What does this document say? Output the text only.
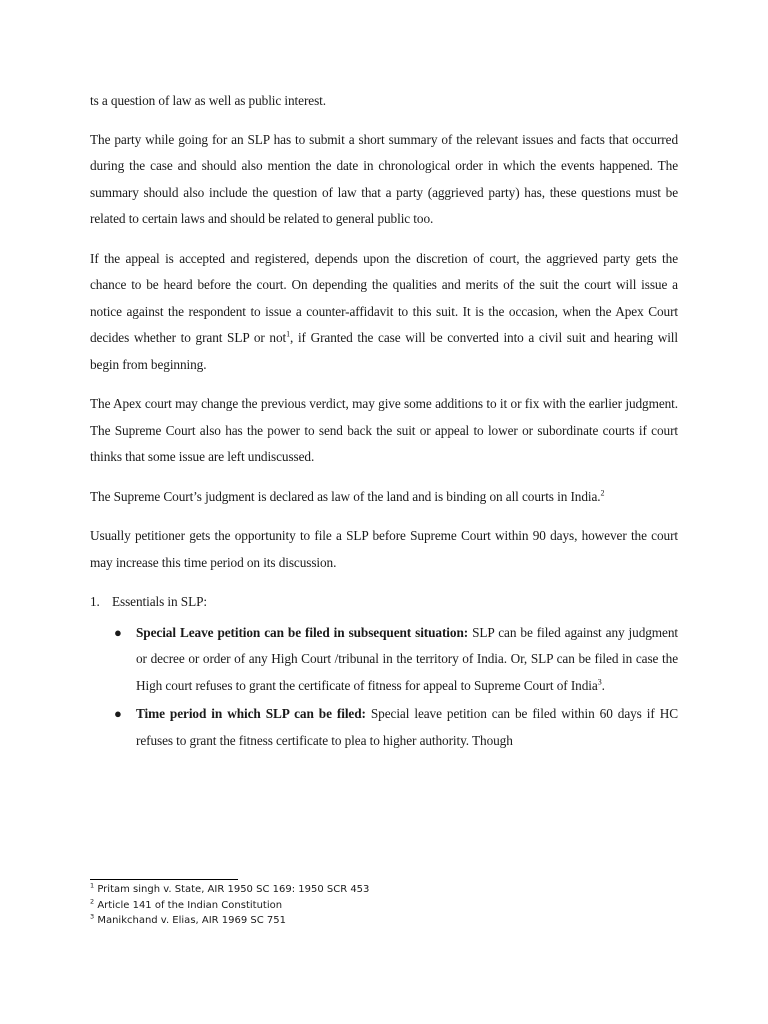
ts a question of law as well as public interest.

The party while going for an SLP has to submit a short summary of the relevant issues and facts that occurred during the case and should also mention the date in chronological order in which the events happened. The summary should also include the question of law that a party (aggrieved party) has, these questions must be related to certain laws and should be related to general public too.

If the appeal is accepted and registered, depends upon the discretion of court, the aggrieved party gets the chance to be heard before the court. On depending the qualities and merits of the suit the court will issue a notice against the respondent to issue a counter-affidavit to this suit. It is the occasion, when the Apex Court decides whether to grant SLP or not$^1$, if Granted the case will be converted into a civil suit and hearing will begin from beginning.

The Apex court may change the previous verdict, may give some additions to it or fix with the earlier judgment. The Supreme Court also has the power to send back the suit or appeal to lower or subordinate courts if court thinks that some issue are left undiscussed.

The Supreme Court’s judgment is declared as law of the land and is binding on all courts in India.$^2$

Usually petitioner gets the opportunity to file a SLP before Supreme Court within 90 days, however the court may increase this time period on its discussion.

1. Essentials in SLP:
● Special Leave petition can be filed in subsequent situation: SLP can be filed against any judgment or decree or order of any High Court /tribunal in the territory of India. Or, SLP can be filed in case the High court refuses to grant the certificate of fitness for appeal to Supreme Court of India$^3$.
● Time period in which SLP can be filed: Special leave petition can be filed within 60 days if HC refuses to grant the fitness certificate to plea to higher authority. Though

$^1$ Pritam singh v. State, AIR 1950 SC 169: 1950 SCR 453

$^2$ Article 141 of the Indian Constitution

$^3$ Manikchand v. Elias, AIR 1969 SC 751
